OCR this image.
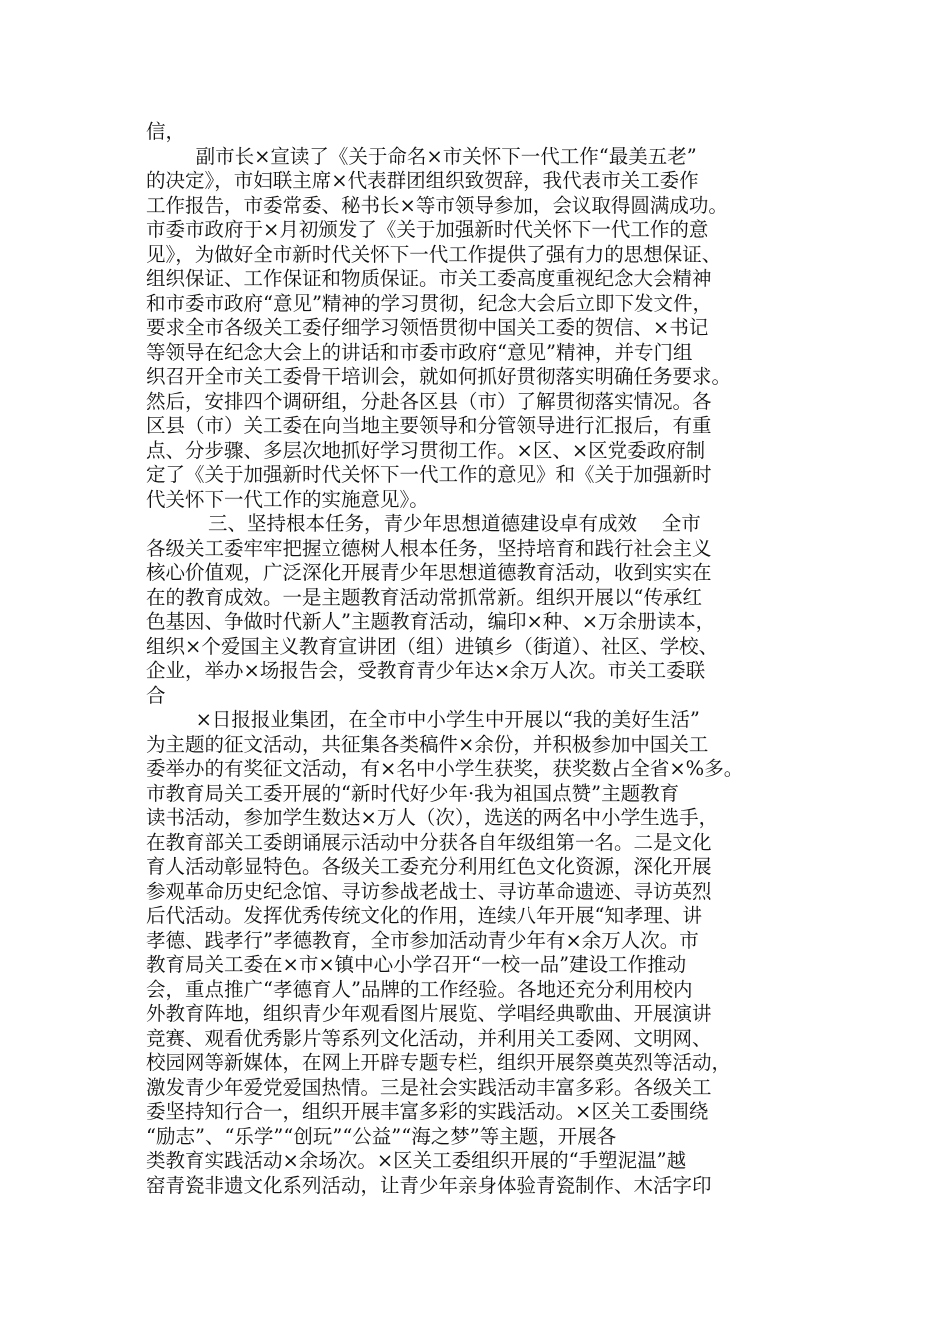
信，
副市长×宣读了《关于命名×市关怀下一代工作“最美五老”
的决定》，市妇联主席×代表群团组织致贺辞，我代表市关工委作
工作报告，市委常委、秘书长×等市领导参加，会议取得圆满成功。
市委市政府于×月初颁发了《关于加强新时代关怀下一代工作的意
见》，为做好全市新时代关怀下一代工作提供了强有力的思想保证、
组织保证、工作保证和物质保证。市关工委高度重视纪念大会精神
和市委市政府“意见”精神的学习贯彻，纪念大会后立即下发文件，
要求全市各级关工委仔细学习领悟贯彻中国关工委的贺信、×书记
等领导在纪念大会上的讲话和市委市政府“意见”精神，并专门组
织召开全市关工委骨干培训会，就如何抓好贯彻落实明确任务要求。
然后，安排四个调研组，分赴各区县（市）了解贯彻落实情况。各
区县（市）关工委在向当地主要领导和分管领导进行汇报后，有重
点、分步骤、多层次地抓好学习贯彻工作。×区、×区党委政府制
定了《关于加强新时代关怀下一代工作的意见》和《关于加强新时
代关怀下一代工作的实施意见》。
三、坚持根本任务，青少年思想道德建设卓有成效    全市
各级关工委牢牢把握立德树人根本任务，坚持培育和践行社会主义
核心价值观，广泛深化开展青少年思想道德教育活动，收到实实在
在的教育成效。一是主题教育活动常抓常新。组织开展以“传承红
色基因、争做时代新人”主题教育活动，编印×种、×万余册读本，
组织×个爱国主义教育宣讲团（组）进镇乡（街道）、社区、学校、
企业，举办×场报告会，受教育青少年达×余万人次。市关工委联
合
×日报报业集团，在全市中小学生中开展以“我的美好生活”
为主题的征文活动，共征集各类稿件×余份，并积极参加中国关工
委举办的有奖征文活动，有×名中小学生获奖，获奖数占全省×%多。
市教育局关工委开展的“新时代好少年·我为祖国点赞”主题教育
读书活动，参加学生数达×万人（次），选送的两名中小学生选手，
在教育部关工委朗诵展示活动中分获各自年级组第一名。二是文化
育人活动彰显特色。各级关工委充分利用红色文化资源，深化开展
参观革命历史纪念馆、寻访参战老战士、寻访革命遗迹、寻访英烈
后代活动。发挥优秀传统文化的作用，连续八年开展“知孝理、讲
孝德、践孝行”孝德教育，全市参加活动青少年有×余万人次。市
教育局关工委在×市×镇中心小学召开“一校一品”建设工作推动
会，重点推广“孝德育人”品牌的工作经验。各地还充分利用校内
外教育阵地，组织青少年观看图片展览、学唱经典歌曲、开展演讲
竞赛、观看优秀影片等系列文化活动，并利用关工委网、文明网、
校园网等新媒体，在网上开辟专题专栏，组织开展祭奠英烈等活动，
激发青少年爱党爱国热情。三是社会实践活动丰富多彩。各级关工
委坚持知行合一，组织开展丰富多彩的实践活动。×区关工委围绕
“励志”、“乐学”“创玩”“公益”“海之梦”等主题，开展各
类教育实践活动×余场次。×区关工委组织开展的“手塑泥温”越
窑青瓷非遗文化系列活动，让青少年亲身体验青瓷制作、木活字印
